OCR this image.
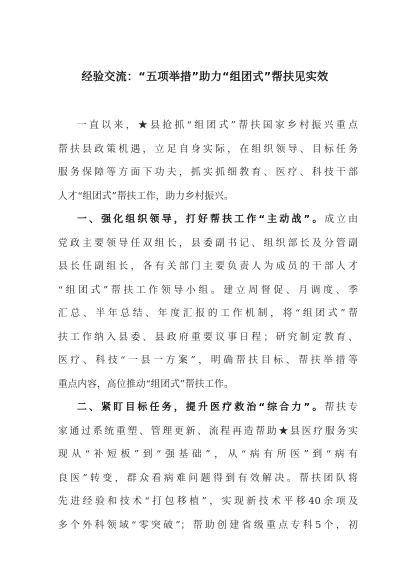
经验交流：“五项举措”助力“组团式”帮扶见实效
一直以来，★县抢抓“组团式”帮扶国家乡村振兴重点
帮扶县政策机遇，立足自身实际，在组织领导、目标任务
服务保障等方面下功夫，抓实抓细教育、医疗、科技干部
人才“组团式”帮扶工作，助力乡村振兴。
一、强化组织领导，打好帮扶工作“主动战”。成立由
党政主要领导任双组长，县委副书记、组织部长及分管副
县长任副组长，各有关部门主要负责人为成员的干部人才
“组团式”帮扶工作领导小组。建立周督促、月调度、季
汇总、半年总结、年度汇报的工作机制，将“组团式”帮
扶工作纳入县委、县政府重要议事日程；研究制定教育、
医疗、科技“一县一方案”，明确帮扶目标、帮扶举措等
重点内容，高位推动“组团式”帮扶工作。
二、紧盯目标任务，提升医疗救治“综合力”。帮扶专
家通过系统重塑、管理更新、流程再造帮助★县医疗服务实
现从“补短板”到“强基础”，从“病有所医”到“病有
良医”转变，群众看病难问题得到有效解决。帮扶团队将
先进经验和技术“打包移植”，实现新技术平移40余项及
多个外科领域“零突破”；帮助创建省级重点专科5个，初
